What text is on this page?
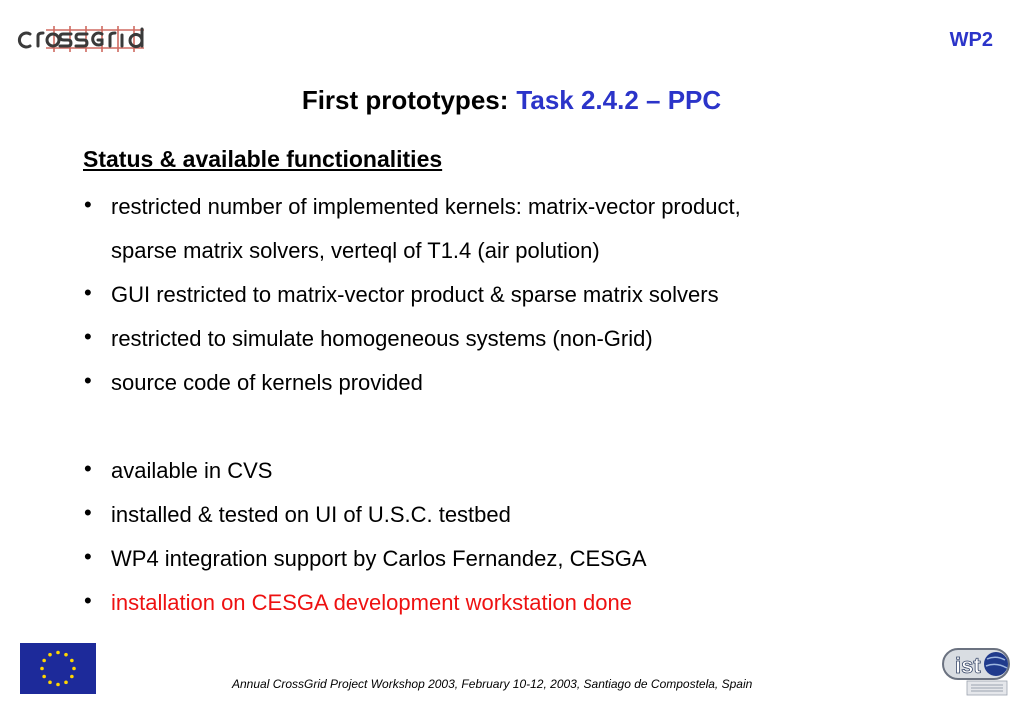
WP2
First prototypes: Task 2.4.2 – PPC
Status & available functionalities
• restricted number of implemented kernels: matrix-vector product,
sparse matrix solvers, verteql of T1.4 (air polution)
• GUI restricted to matrix-vector product & sparse matrix solvers
• restricted to simulate homogeneous systems (non-Grid)
• source code of kernels provided
• available in CVS
• installed & tested on UI of U.S.C. testbed
• WP4 integration support by Carlos Fernandez, CESGA
• installation on CESGA development workstation done
Annual CrossGrid Project Workshop 2003, February 10-12, 2003, Santiago de Compostela, Spain
ist
